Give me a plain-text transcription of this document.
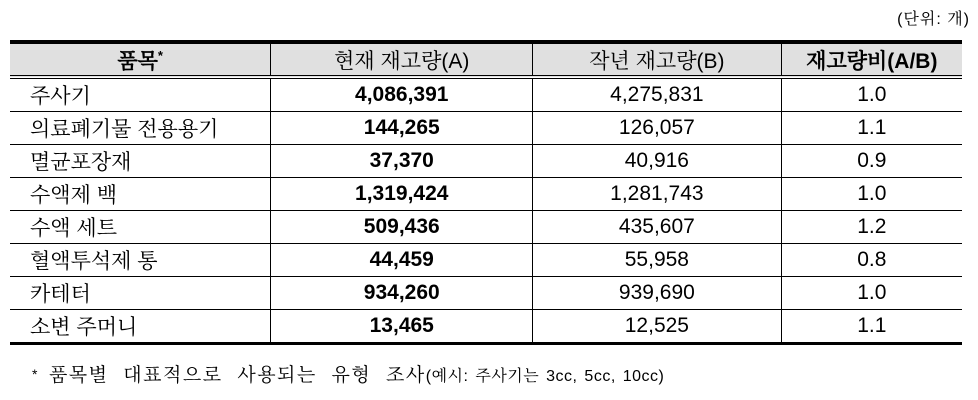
(단위: 개)
품목*	현재 재고량(A)	작년 재고량(B)	재고량비(A/B)
주사기	4,086,391	4,275,831	1.0
의료폐기물 전용용기	144,265	126,057	1.1
멸균포장재	37,370	40,916	0.9
수액제 백	1,319,424	1,281,743	1.0
수액 세트	509,436	435,607	1.2
혈액투석제 통	44,459	55,958	0.8
카테터	934,260	939,690	1.0
소변 주머니	13,465	12,525	1.1
* 품목별 대표적으로 사용되는 유형 조사(예시: 주사기는 3cc, 5cc, 10cc)
